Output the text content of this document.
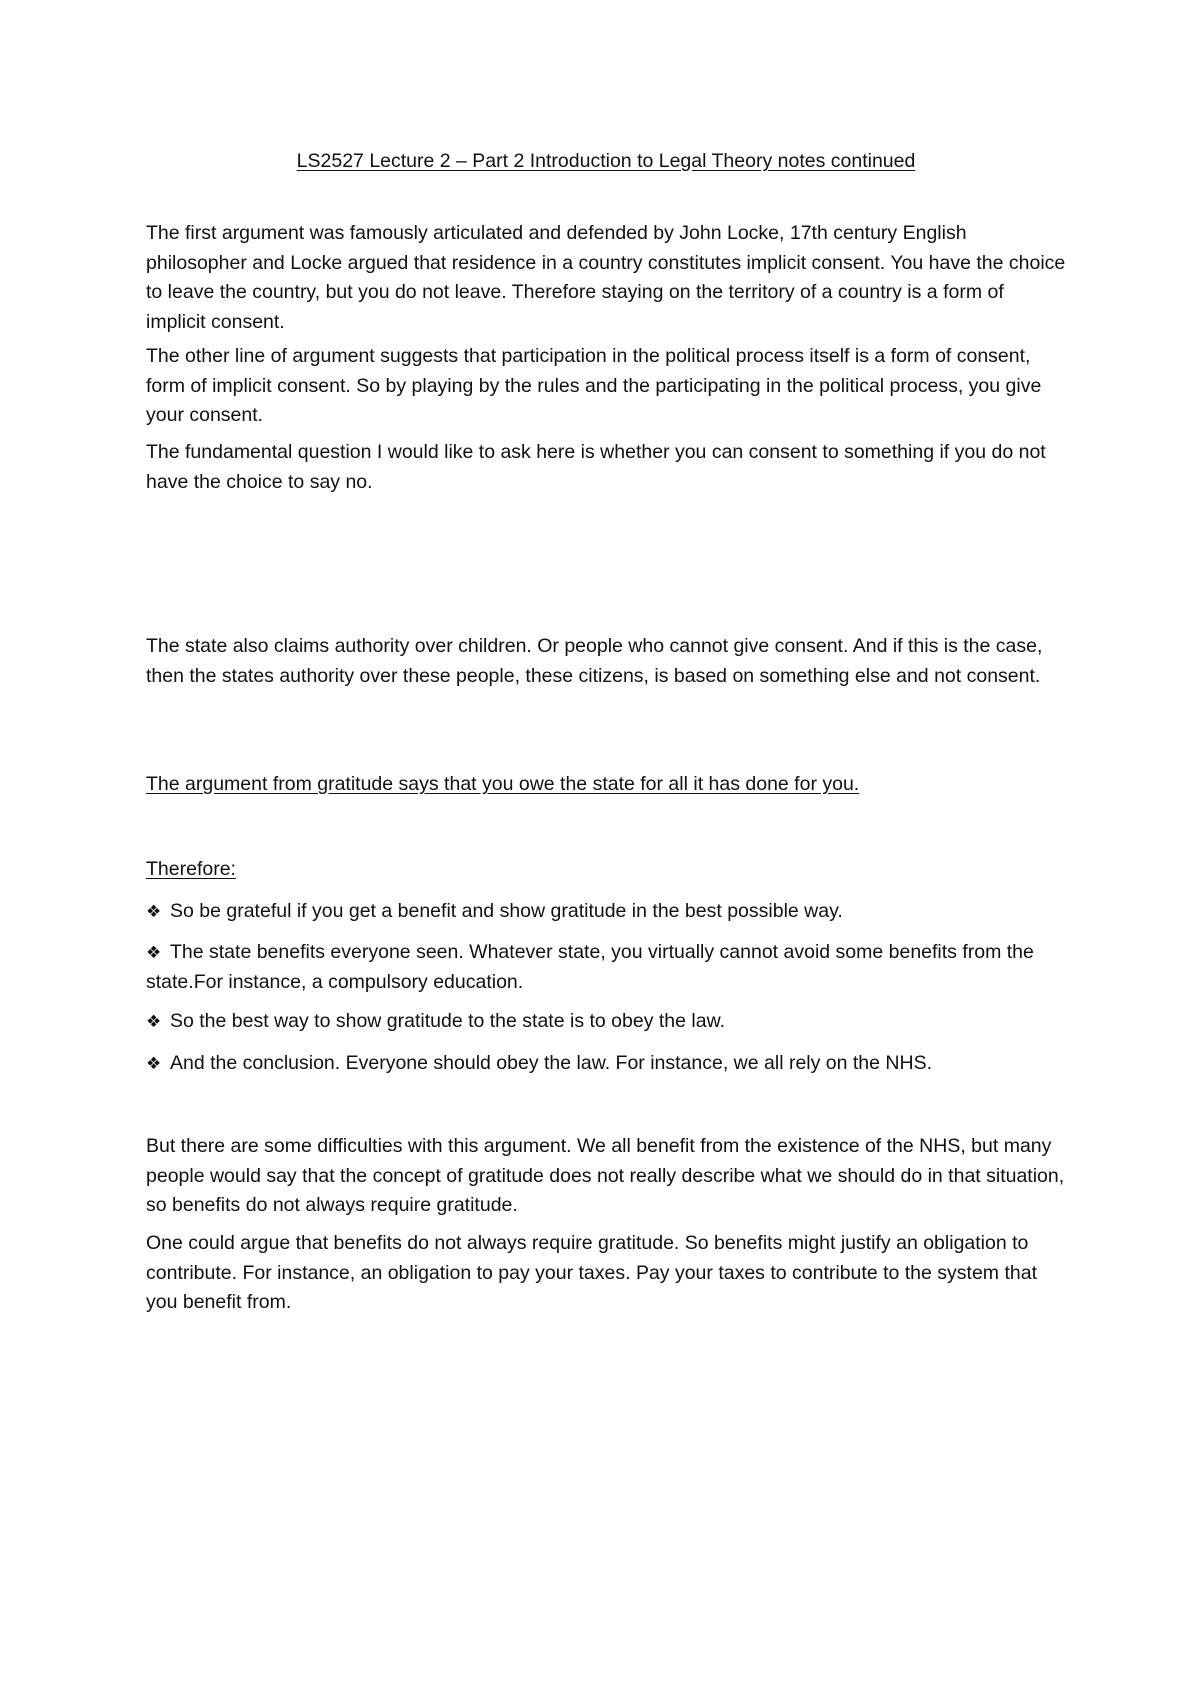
LS2527 Lecture 2 – Part 2 Introduction to Legal Theory notes continued

The first argument was famously articulated and defended by John Locke, 17th century English philosopher and Locke argued that residence in a country constitutes implicit consent. You have the choice to leave the country, but you do not leave. Therefore staying on the territory of a country is a form of implicit consent.

The other line of argument suggests that participation in the political process itself is a form of consent, form of implicit consent. So by playing by the rules and the participating in the political process, you give your consent.

The fundamental question I would like to ask here is whether you can consent to something if you do not have the choice to say no.

The state also claims authority over children. Or people who cannot give consent. And if this is the case, then the states authority over these people, these citizens, is based on something else and not consent.

The argument from gratitude says that you owe the state for all it has done for you.

Therefore:

❖ So be grateful if you get a benefit and show gratitude in the best possible way.

❖ The state benefits everyone seen. Whatever state, you virtually cannot avoid some benefits from the state.For instance, a compulsory education.

❖ So the best way to show gratitude to the state is to obey the law.

❖ And the conclusion. Everyone should obey the law. For instance, we all rely on the NHS.

But there are some difficulties with this argument. We all benefit from the existence of the NHS, but many people would say that the concept of gratitude does not really describe what we should do in that situation, so benefits do not always require gratitude.

One could argue that benefits do not always require gratitude. So benefits might justify an obligation to contribute. For instance, an obligation to pay your taxes. Pay your taxes to contribute to the system that you benefit from.
